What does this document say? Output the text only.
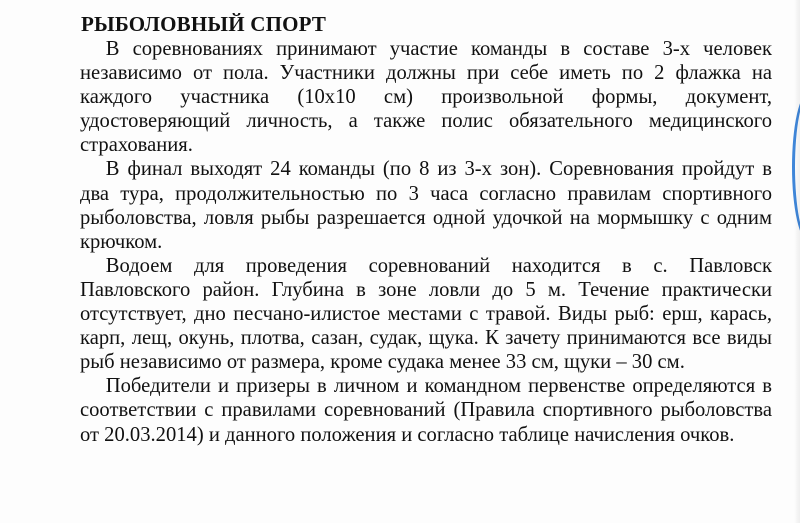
РЫБОЛОВНЫЙ СПОРТ

В соревнованиях принимают участие команды в составе 3-х человек независимо от пола. Участники должны при себе иметь по 2 флажка на каждого участника (10х10 см) произвольной формы, документ, удостоверяющий личность, а также полис обязательного медицинского страхования.

В финал выходят 24 команды (по 8 из 3-х зон). Соревнования пройдут в два тура, продолжительностью по 3 часа согласно правилам спортивного рыболовства, ловля рыбы разрешается одной удочкой на мормышку с одним крючком.

Водоем для проведения соревнований находится в с. Павловск Павловского район. Глубина в зоне ловли до 5 м. Течение практически отсутствует, дно песчано-илистое местами с травой. Виды рыб: ерш, карась, карп, лещ, окунь, плотва, сазан, судак, щука. К зачету принимаются все виды рыб независимо от размера, кроме судака менее 33 см, щуки – 30 см.

Победители и призеры в личном и командном первенстве определяются в соответствии с правилами соревнований (Правила спортивного рыболовства от 20.03.2014) и данного положения и согласно таблице начисления очков.
